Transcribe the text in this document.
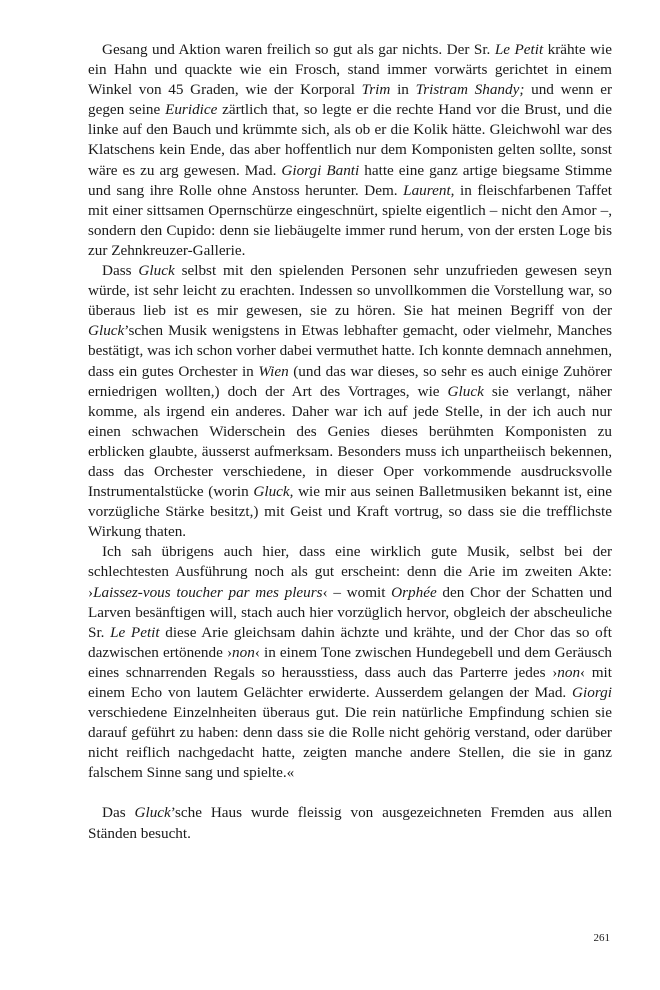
Gesang und Aktion waren freilich so gut als gar nichts. Der Sr. Le Petit krähte wie ein Hahn und quackte wie ein Frosch, stand immer vorwärts gerichtet in einem Winkel von 45 Graden, wie der Korporal Trim in Tristram Shandy; und wenn er gegen seine Euridice zärtlich that, so legte er die rechte Hand vor die Brust, und die linke auf den Bauch und krümmte sich, als ob er die Kolik hätte. Gleichwohl war des Klatschens kein Ende, das aber hoffentlich nur dem Komponisten gelten sollte, sonst wäre es zu arg gewesen. Mad. Giorgi Banti hatte eine ganz artige biegsame Stimme und sang ihre Rolle ohne Anstoss herunter. Dem. Laurent, in fleischfarbenen Taffet mit einer sittsamen Opernschürze eingeschnürt, spielte eigentlich – nicht den Amor –, sondern den Cupido: denn sie liebäugelte immer rund herum, von der ersten Loge bis zur Zehnkreuzer-Gallerie.

Dass Gluck selbst mit den spielenden Personen sehr unzufrieden gewesen seyn würde, ist sehr leicht zu erachten. Indessen so unvollkommen die Vorstellung war, so überaus lieb ist es mir gewesen, sie zu hören. Sie hat meinen Begriff von der Gluck’schen Musik wenigstens in Etwas lebhafter gemacht, oder vielmehr, Manches bestätigt, was ich schon vorher dabei vermuthet hatte. Ich konnte demnach annehmen, dass ein gutes Orchester in Wien (und das war dieses, so sehr es auch einige Zuhörer erniedrigen wollten,) doch der Art des Vortrages, wie Gluck sie verlangt, näher komme, als irgend ein anderes. Daher war ich auf jede Stelle, in der ich auch nur einen schwachen Widerschein des Genies dieses berühmten Komponisten zu erblicken glaubte, äusserst aufmerksam. Besonders muss ich unpartheiisch bekennen, dass das Orchester verschiedene, in dieser Oper vorkommende ausdrucksvolle Instrumentalstücke (worin Gluck, wie mir aus seinen Balletmusiken bekannt ist, eine vorzügliche Stärke besitzt,) mit Geist und Kraft vortrug, so dass sie die trefflichste Wirkung thaten.

Ich sah übrigens auch hier, dass eine wirklich gute Musik, selbst bei der schlechtesten Ausführung noch als gut erscheint: denn die Arie im zweiten Akte: ›Laissez-vous toucher par mes pleurs‹ – womit Orphée den Chor der Schatten und Larven besänftigen will, stach auch hier vorzüglich hervor, obgleich der abscheuliche Sr. Le Petit diese Arie gleichsam dahin ächzte und krähte, und der Chor das so oft dazwischen ertönende ›non‹ in einem Tone zwischen Hundegebell und dem Geräusch eines schnarrenden Regals so herausstiess, dass auch das Parterre jedes ›non‹ mit einem Echo von lautem Gelächter erwiderte. Ausserdem gelangen der Mad. Giorgi verschiedene Einzelnheiten überaus gut. Die rein natürliche Empfindung schien sie darauf geführt zu haben: denn dass sie die Rolle nicht gehörig verstand, oder darüber nicht reiflich nachgedacht hatte, zeigten manche andere Stellen, die sie in ganz falschem Sinne sang und spielte.«

Das Gluck’sche Haus wurde fleissig von ausgezeichneten Fremden aus allen Ständen besucht.

261
